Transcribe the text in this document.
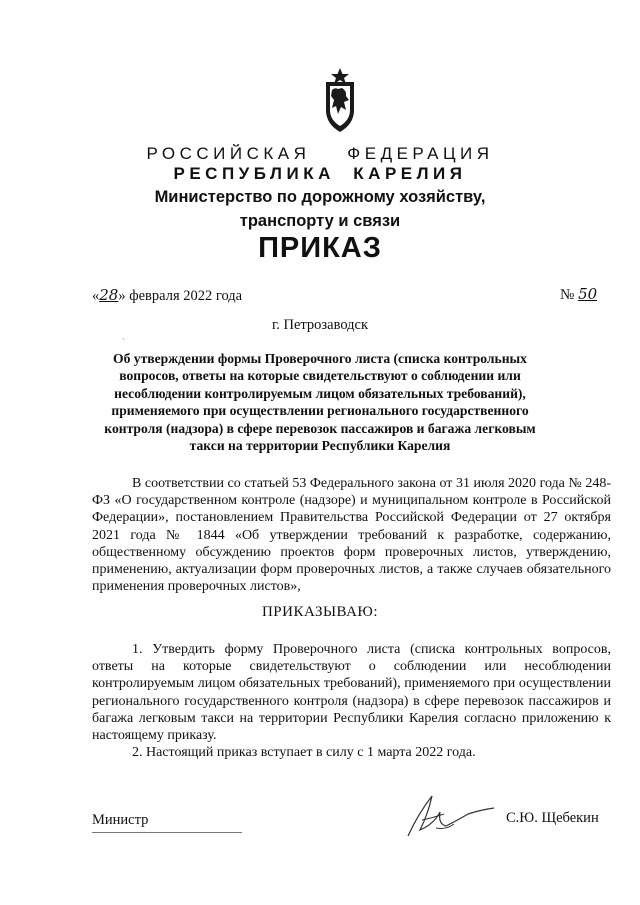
РОССИЙСКАЯ    ФЕДЕРАЦИЯ
РЕСПУБЛИКА  КАРЕЛИЯ
Министерство по дорожному хозяйству,
транспорту и связи
ПРИКАЗ
«28» февраля 2022 года	№ 50
ˎ
г. Петрозаводск
Об утверждении формы Проверочного листа (списка контрольных вопросов, ответы на которые свидетельствуют о соблюдении или несоблюдении контролируемым лицом обязательных требований), применяемого при осуществлении регионального государственного контроля (надзора) в сфере перевозок пассажиров и багажа легковым такси на территории Республики Карелия
В соответствии со статьей 53 Федерального закона от 31 июля 2020 года № 248-ФЗ «О государственном контроле (надзоре) и муниципальном контроле в Российской Федерации», постановлением Правительства Российской Федерации от 27 октября 2021 года № 1844 «Об утверждении требований к разработке, содержанию, общественному обсуждению проектов форм проверочных листов, утверждению, применению, актуализации форм проверочных листов, а также случаев обязательного применения проверочных листов»,
ПРИКАЗЫВАЮ:
1. Утвердить форму Проверочного листа (списка контрольных вопросов, ответы на которые свидетельствуют о соблюдении или несоблюдении контролируемым лицом обязательных требований), применяемого при осуществлении регионального государственного контроля (надзора) в сфере перевозок пассажиров и багажа легковым такси на территории Республики Карелия согласно приложению к настоящему приказу.
2. Настоящий приказ вступает в силу с 1 марта 2022 года.
Министр	С.Ю. Щебекин
